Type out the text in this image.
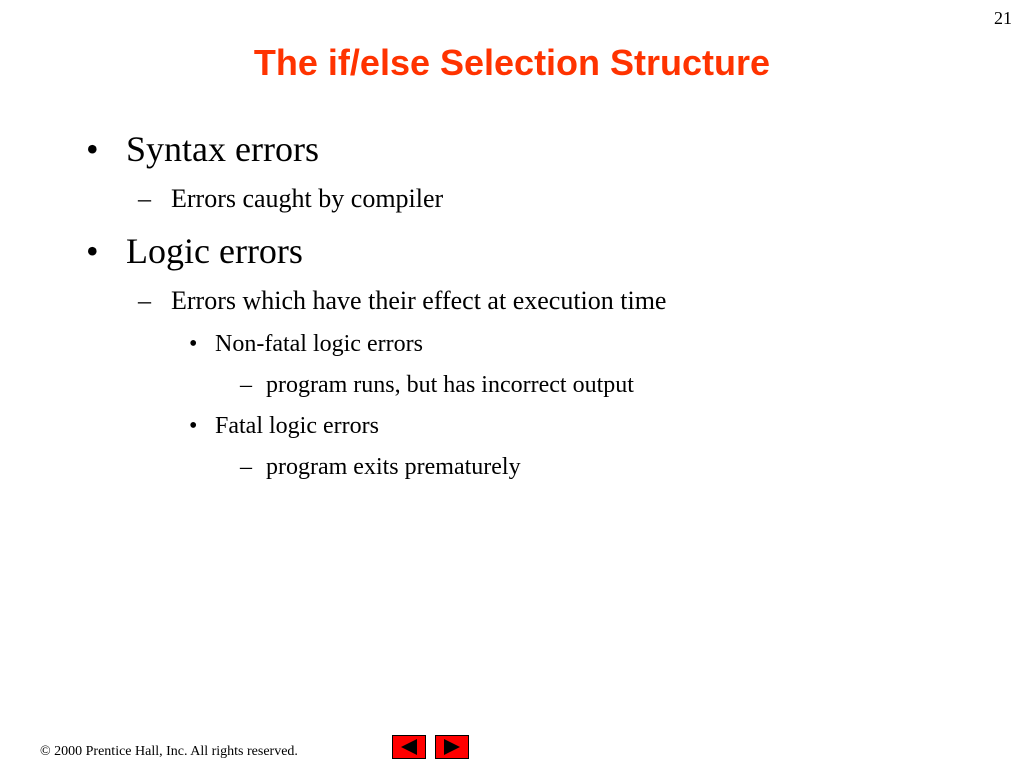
21
The if/else Selection Structure
• Syntax errors
– Errors caught by compiler
• Logic errors
– Errors which have their effect at execution time
• Non-fatal logic errors
– program runs, but has incorrect output
• Fatal logic errors
– program exits prematurely
© 2000 Prentice Hall, Inc. All rights reserved.
